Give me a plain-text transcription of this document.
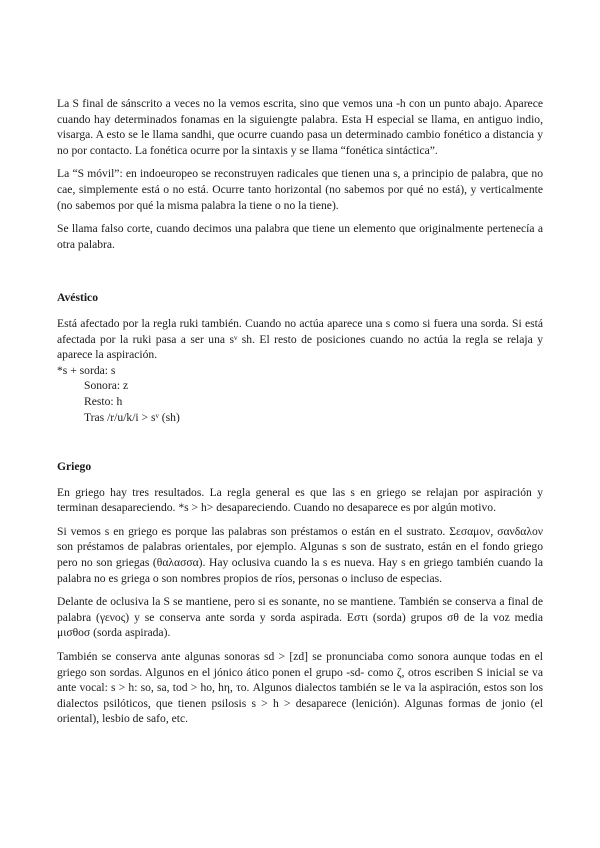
La S final de sánscrito a veces no la vemos escrita, sino que vemos una -h con un punto abajo. Aparece cuando hay determinados fonamas en la siguiengte palabra. Esta H especial se llama, en antiguo indio, visarga. A esto se le llama sandhi, que ocurre cuando pasa un determinado cambio fonético a distancia y no por contacto. La fonética ocurre por la sintaxis y se llama “fonética sintáctica”.

La “S móvil”: en indoeuropeo se reconstruyen radicales que tienen una s, a principio de palabra, que no cae, simplemente está o no está. Ocurre tanto horizontal (no sabemos por qué no está), y verticalmente (no sabemos por qué la misma palabra la tiene o no la tiene).

Se llama falso corte, cuando decimos una palabra que tiene un elemento que originalmente pertenecía a otra palabra.

Avéstico

Está afectado por la regla ruki también. Cuando no actúa aparece una s como si fuera una sorda. Si está afectada por la ruki pasa a ser una sᵛ sh. El resto de posiciones cuando no actúa la regla se relaja y aparece la aspiración.

*s + sorda: s

Sonora: z

Resto: h

Tras /r/u/k/i > sᵛ (sh)

Griego

En griego hay tres resultados. La regla general es que las s en griego se relajan por aspiración y terminan desapareciendo. *s > h> desapareciendo. Cuando no desaparece es por algún motivo.

Si vemos s en griego es porque las palabras son préstamos o están en el sustrato. Σεσαμον, σανδαλον son préstamos de palabras orientales, por ejemplo. Algunas s son de sustrato, están en el fondo griego pero no son griegas (θαλασσα). Hay oclusiva cuando la s es nueva. Hay s en griego también cuando la palabra no es griega o son nombres propios de ríos, personas o incluso de especias.

Delante de oclusiva la S se mantiene, pero si es sonante, no se mantiene. También se conserva a final de palabra (γενος) y se conserva ante sorda y sorda aspirada. Εστι (sorda) grupos σθ de la voz media μισθοσ (sorda aspirada).

También se conserva ante algunas sonoras sd > [zd] se pronunciaba como sonora aunque todas en el griego son sordas. Algunos en el jónico ático ponen el grupo -sd- como ζ, otros escriben S inicial se va ante vocal: s > h: so, sa, tod > ho, hη, το. Algunos dialectos también se le va la aspiración, estos son los dialectos psilóticos, que tienen psilosis s > h > desaparece (lenición). Algunas formas de jonio (el oriental), lesbio de safo, etc.
